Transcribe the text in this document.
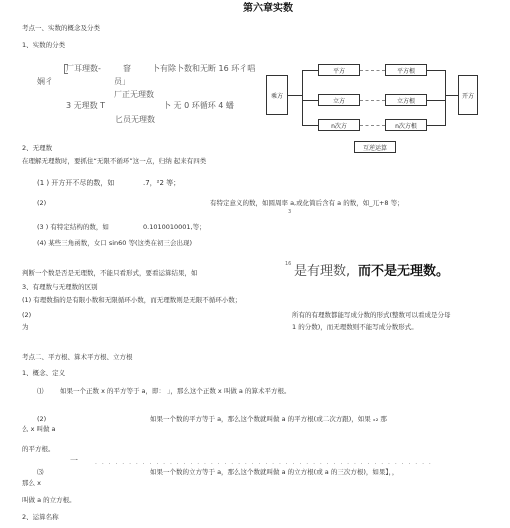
第六章实数
考点一、实数的概念及分类
1、实数的分类
厂耳理数-	窨	卜有除卜数和无断 16 环彳唱
娴彳	员」
厂正无理数
3 无理数 T	卜 无 0 环循环 4 蟠
匕员无理数
乘方
平方	平方根
立方	立方根
n次方	n次方根
开方
互逆运算
2、无理数
在理解无理数时，要抓住“无限不循环”这一点，归纳 起来有四类
(1 ) 开方开不尽的数，如	.7，²2 等；
(2)	有特定意义的数，如圆周率 a,或化简后含有 a 的数，如_兀+8 等；
3
(3 ) 有特定结构的数，如	0.1010010001,等；
(4) 某些三角函数，女口 sin60 等(这类在初三会出现)
判断一个数是否是无理数，不能只看形式，要看运算结果，如
16 是有理数, 而不是无理数。
3、有理数与无理数的区别
(1) 有理数指的是有限小数和无限循环小数，而无理数则是无限不循环小数；
(2)	所有的有理数都能写成分数的形式(整数可以看成是分母
为	1 的分数)，而无理数则不能写成分数形式。
考点二、平方根、算术平方根、立方根
1、概念、定义
⑴	如果一个正数 x 的平方等于 a，即： 」，那么这个正数 x 叫做 a 的算术平方根。
(2)	如果一个数的平方等于 a，那么这个数就叫做 a 的平方根(或二次方跟)，如果 ₓ₂ 那
么 x 叫做 a
的平方根。
一	. . . . . . . . . . . . . . . . . . . . . . . . . . . . . . . . . . . . . . . . . . . . . . . . . .
⑶	如果一个数的立方等于 a，那么这个数就叫做 a 的立方根(或 a 的三次方根)，如果】，，
那么 x
叫做 a 的立方根。
2、运算名称
